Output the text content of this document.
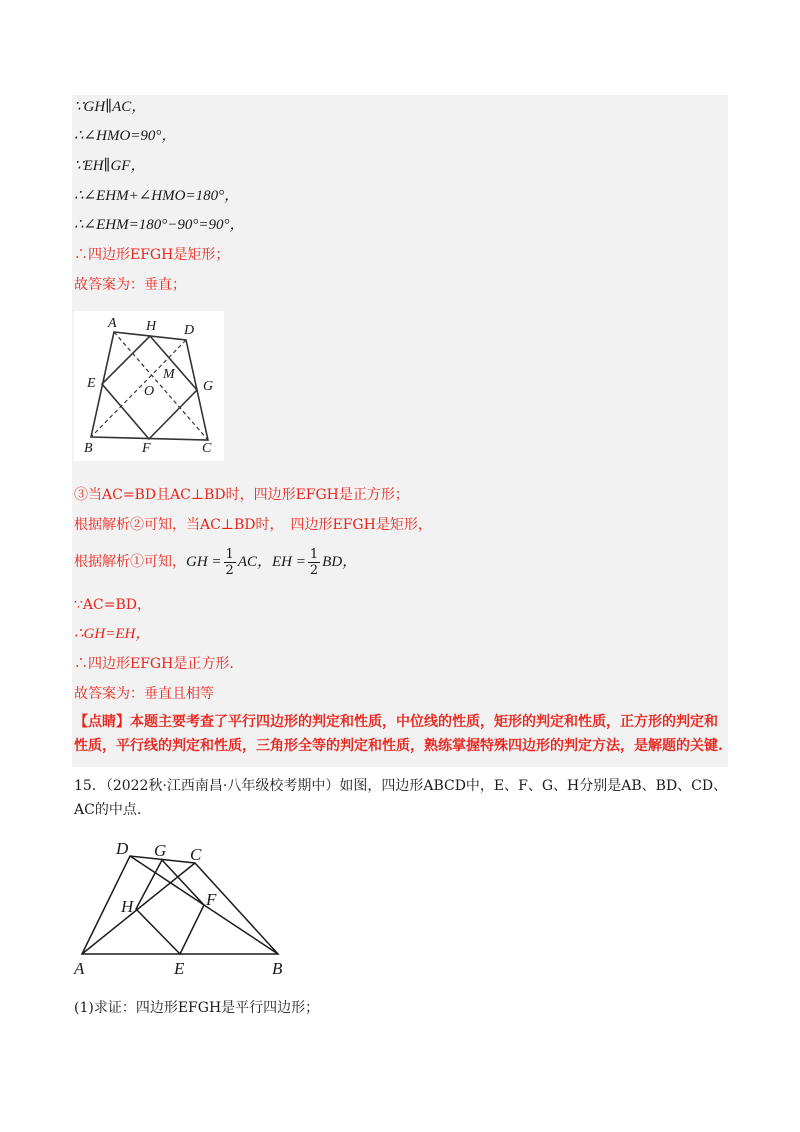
∵GH∥AC，
∴∠HMO=90°，
∵EH∥GF，
∴∠EHM+∠HMO=180°，
∴∠EHM=180°−90°=90°，
∴四边形EFGH是矩形；
故答案为：垂直；
A H D
E
M
O	G
B	F	C
③当AC=BD且AC⊥BD时，四边形EFGH是正方形；
根据解析②可知，当AC⊥BD时，　四边形EFGH是矩形，
根据解析①可知，GH = $\frac{1}{2}$ AC，EH = $\frac{1}{2}$ BD，
∵AC=BD，
∴GH=EH，
∴四边形EFGH是正方形.
故答案为：垂直且相等
【点睛】本题主要考查了平行四边形的判定和性质，中位线的性质，矩形的判定和性质，正方形的判定和性质，平行线的判定和性质，三角形全等的判定和性质，熟练掌握特殊四边形的判定方法，是解题的关键.
15．（2022秋·江西南昌·八年级校考期中）如图，四边形ABCD中，E、F、G、H分别是AB、BD、CD、AC的中点.
D G C
H	F
A	E	B
(1)求证：四边形EFGH是平行四边形；
